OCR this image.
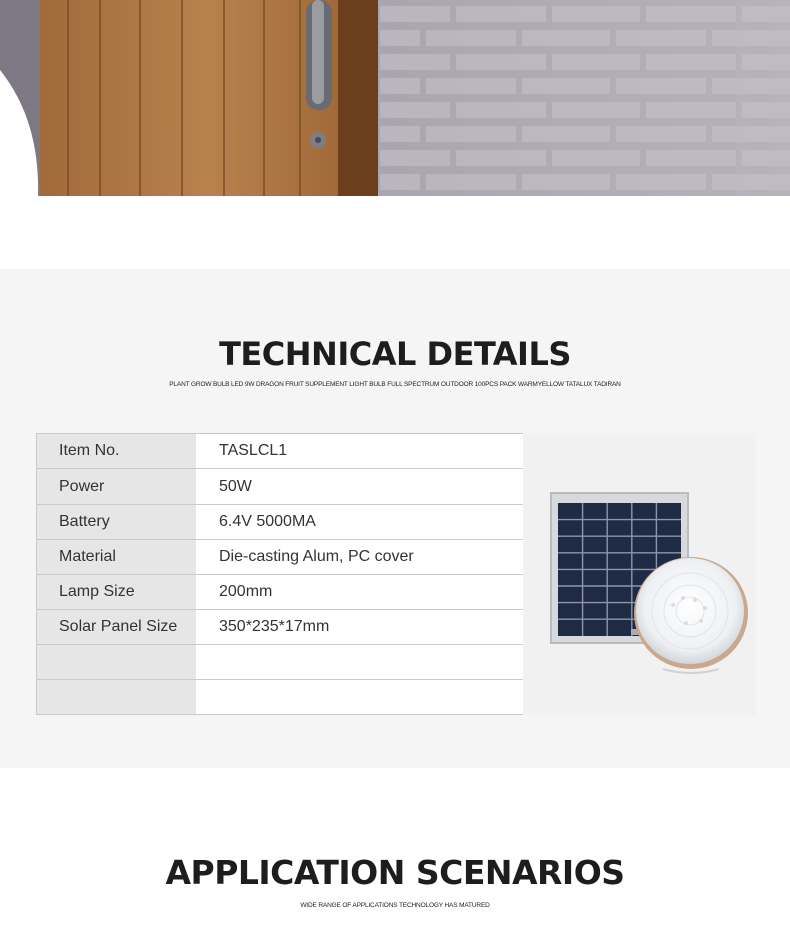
TECHNICAL DETAILS

PLANT GROW BULB LED 9W DRAGON FRUIT SUPPLEMENT LIGHT BULB FULL SPECTRUM OUTDOOR 100PCS PACK WARMYELLOW TATALUX TADIRAN

Item No.	TASLCL1
Power	50W
Battery	6.4V 5000MA
Material	Die-casting Alum, PC cover
Lamp Size	200mm
Solar Panel Size	350*235*17mm
APPLICATION SCENARIOS

WIDE RANGE OF APPLICATIONS TECHNOLOGY HAS MATURED
